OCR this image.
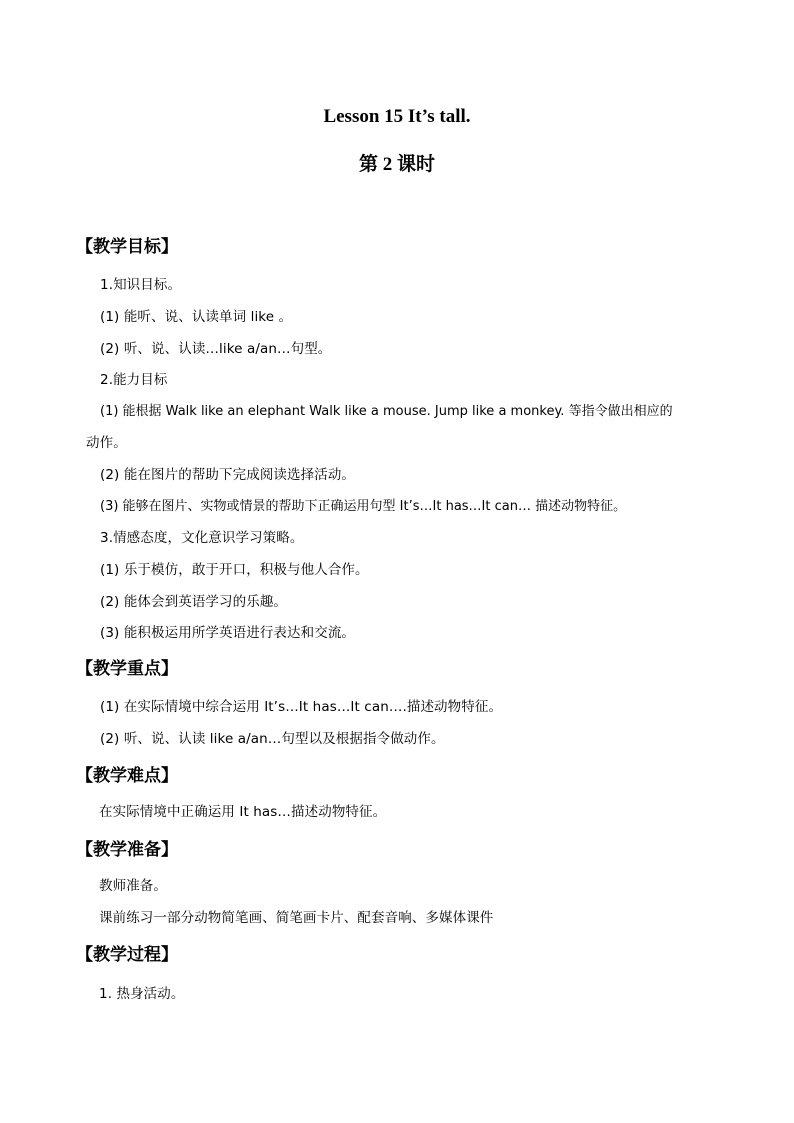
Lesson 15 It’s tall.
第 2 课时
【教学目标】
1.知识目标。
(1) 能听、说、认读单词 like 。
(2) 听、说、认读…like a/an…句型。
2.能力目标
(1) 能根据 Walk like an elephant Walk like a mouse. Jump like a monkey. 等指令做出相应的
动作。
(2) 能在图片的帮助下完成阅读选择活动。
(3) 能够在图片、实物或情景的帮助下正确运用句型 It’s…It has…It can… 描述动物特征。
3.情感态度，文化意识学习策略。
(1) 乐于模仿，敢于开口，积极与他人合作。
(2) 能体会到英语学习的乐趣。
(3) 能积极运用所学英语进行表达和交流。
【教学重点】
(1) 在实际情境中综合运用 It’s…It has…It can….描述动物特征。
(2) 听、说、认读 like a/an…句型以及根据指令做动作。
【教学难点】
在实际情境中正确运用 It has…描述动物特征。
【教学准备】
教师准备。
课前练习一部分动物简笔画、简笔画卡片、配套音响、多媒体课件
【教学过程】
1. 热身活动。
